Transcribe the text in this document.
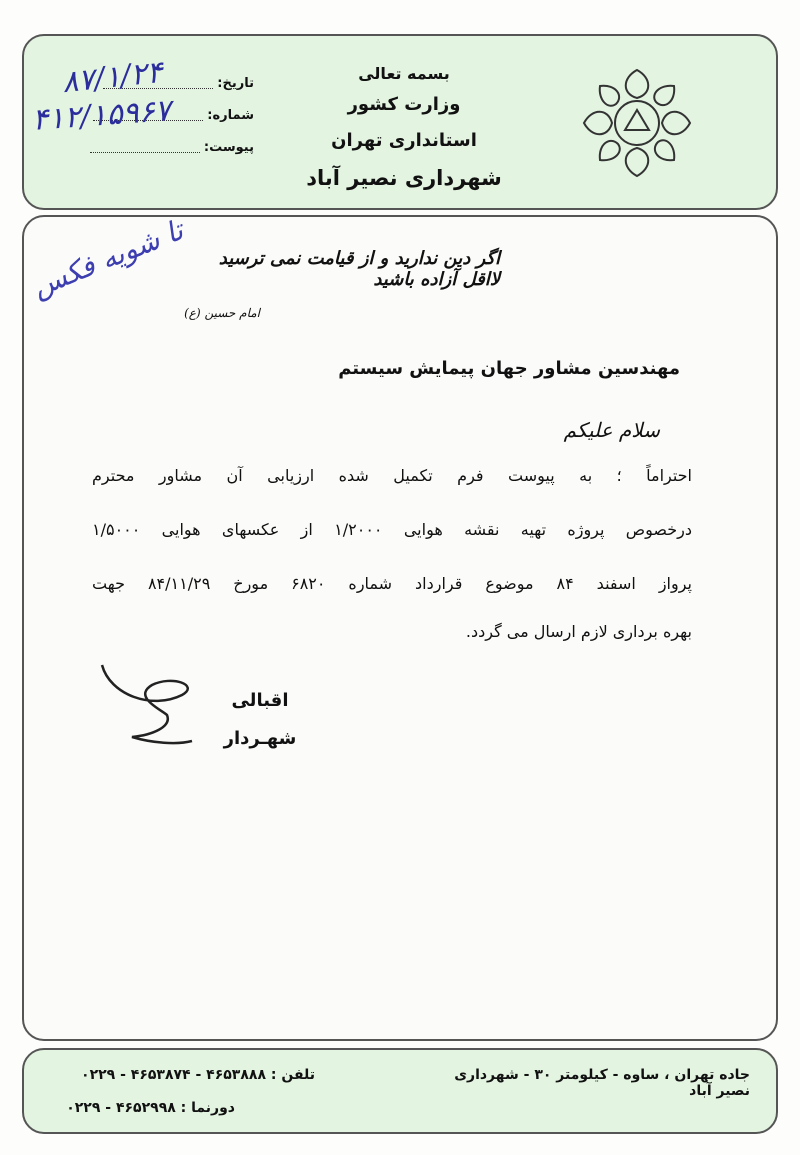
بسمه تعالی
وزارت کشور
استانداری تهران
شهرداری نصیر آباد
تاریخ:
شماره:
پیوست:
۸۷/۱/۲۴
۴۱۲/۱۵۹۶۷
تا شویه فکس	اگر دین ندارید و از قیامت نمی ترسید لااقل آزاده باشید
امام حسین (ع)
مهندسین مشاور جهان پیمایش سیستم
سلام علیکم
احتراماً ؛ به پیوست فرم تکمیل شده ارزیابی آن مشاور محترم
درخصوص پروژه تهیه نقشه هوایی ۱/۲۰۰۰ از عکسهای هوایی ۱/۵۰۰۰
پرواز اسفند ۸۴ موضوع قرارداد شماره ۶۸۲۰ مورخ ۸۴/۱۱/۲۹ جهت
بهره برداری لازم ارسال می گردد.
اقبالی
شهـردار
جاده تهران ، ساوه - کیلومتر ۳۰ - شهرداری نصیر آباد
تلفن : ۴۶۵۳۸۸۸ - ۴۶۵۳۸۷۴ - ۰۲۲۹
دورنما : ۴۶۵۲۹۹۸ - ۰۲۲۹
